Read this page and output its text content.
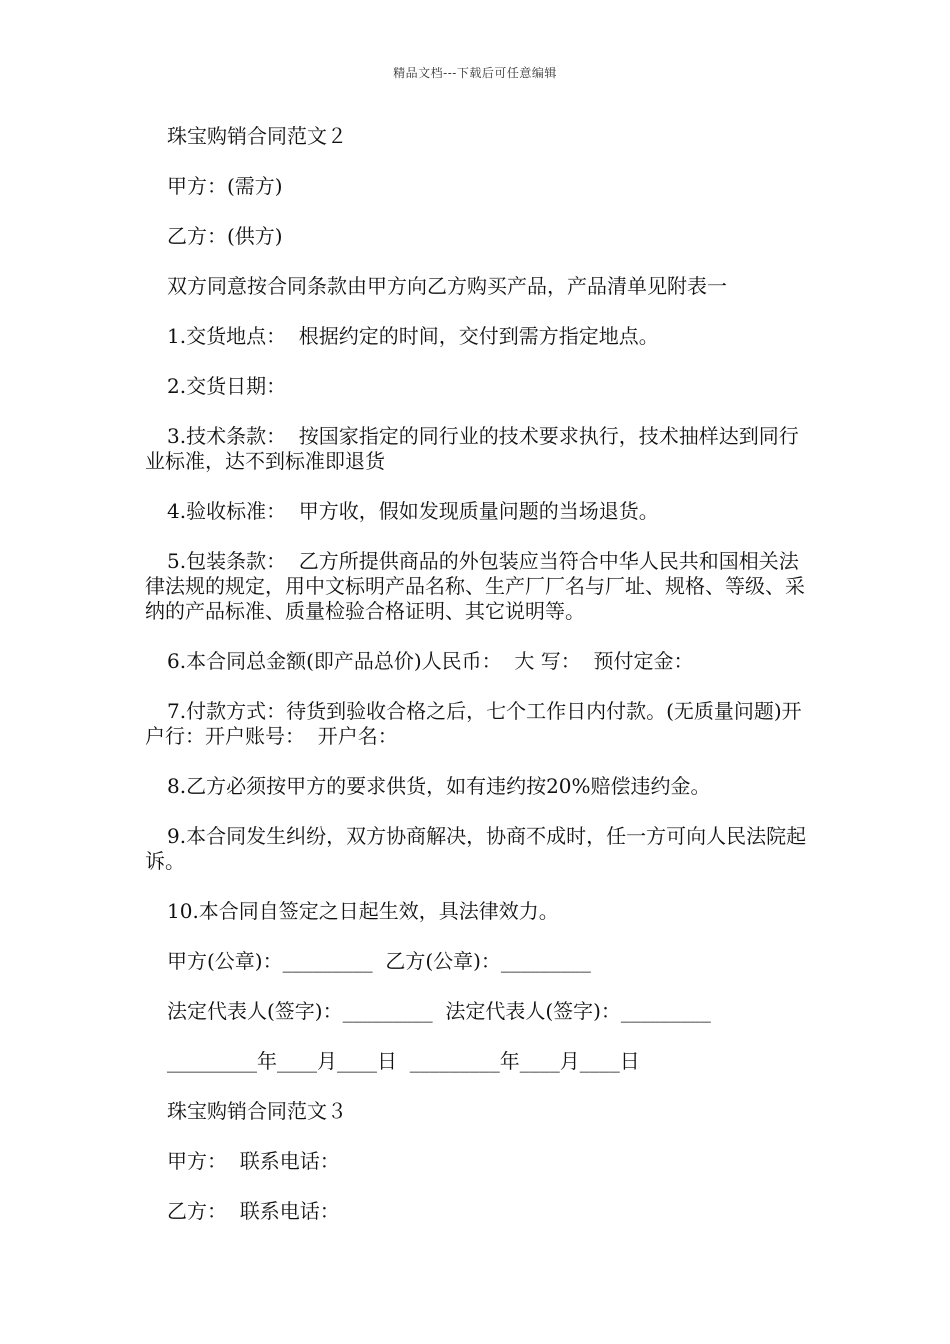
精品文档---下载后可任意编辑

珠宝购销合同范文２

甲方：(需方)

乙方：(供方)

双方同意按合同条款由甲方向乙方购买产品，产品清单见附表一

1.交货地点：  根据约定的时间，交付到需方指定地点。

2.交货日期：

3.技术条款：  按国家指定的同行业的技术要求执行，技术抽样达到同行业标准，达不到标准即退货

4.验收标准：  甲方收，假如发现质量问题的当场退货。

5.包装条款：  乙方所提供商品的外包装应当符合中华人民共和国相关法律法规的规定，用中文标明产品名称、生产厂厂名与厂址、规格、等级、采纳的产品标准、质量检验合格证明、其它说明等。

6.本合同总金额(即产品总价)人民币：  大 写：  预付定金：

7.付款方式：待货到验收合格之后，七个工作日内付款。(无质量问题)开户行：开户账号：  开户名：

8.乙方必须按甲方的要求供货，如有违约按20%赔偿违约金。

9.本合同发生纠纷，双方协商解决，协商不成时，任一方可向人民法院起诉。

10.本合同自签定之日起生效，具法律效力。

甲方(公章)：_________  乙方(公章)：_________

法定代表人(签字)：_________  法定代表人(签字)：_________

_________年____月____日  _________年____月____日

珠宝购销合同范文３

甲方：  联系电话：

乙方：  联系电话：
